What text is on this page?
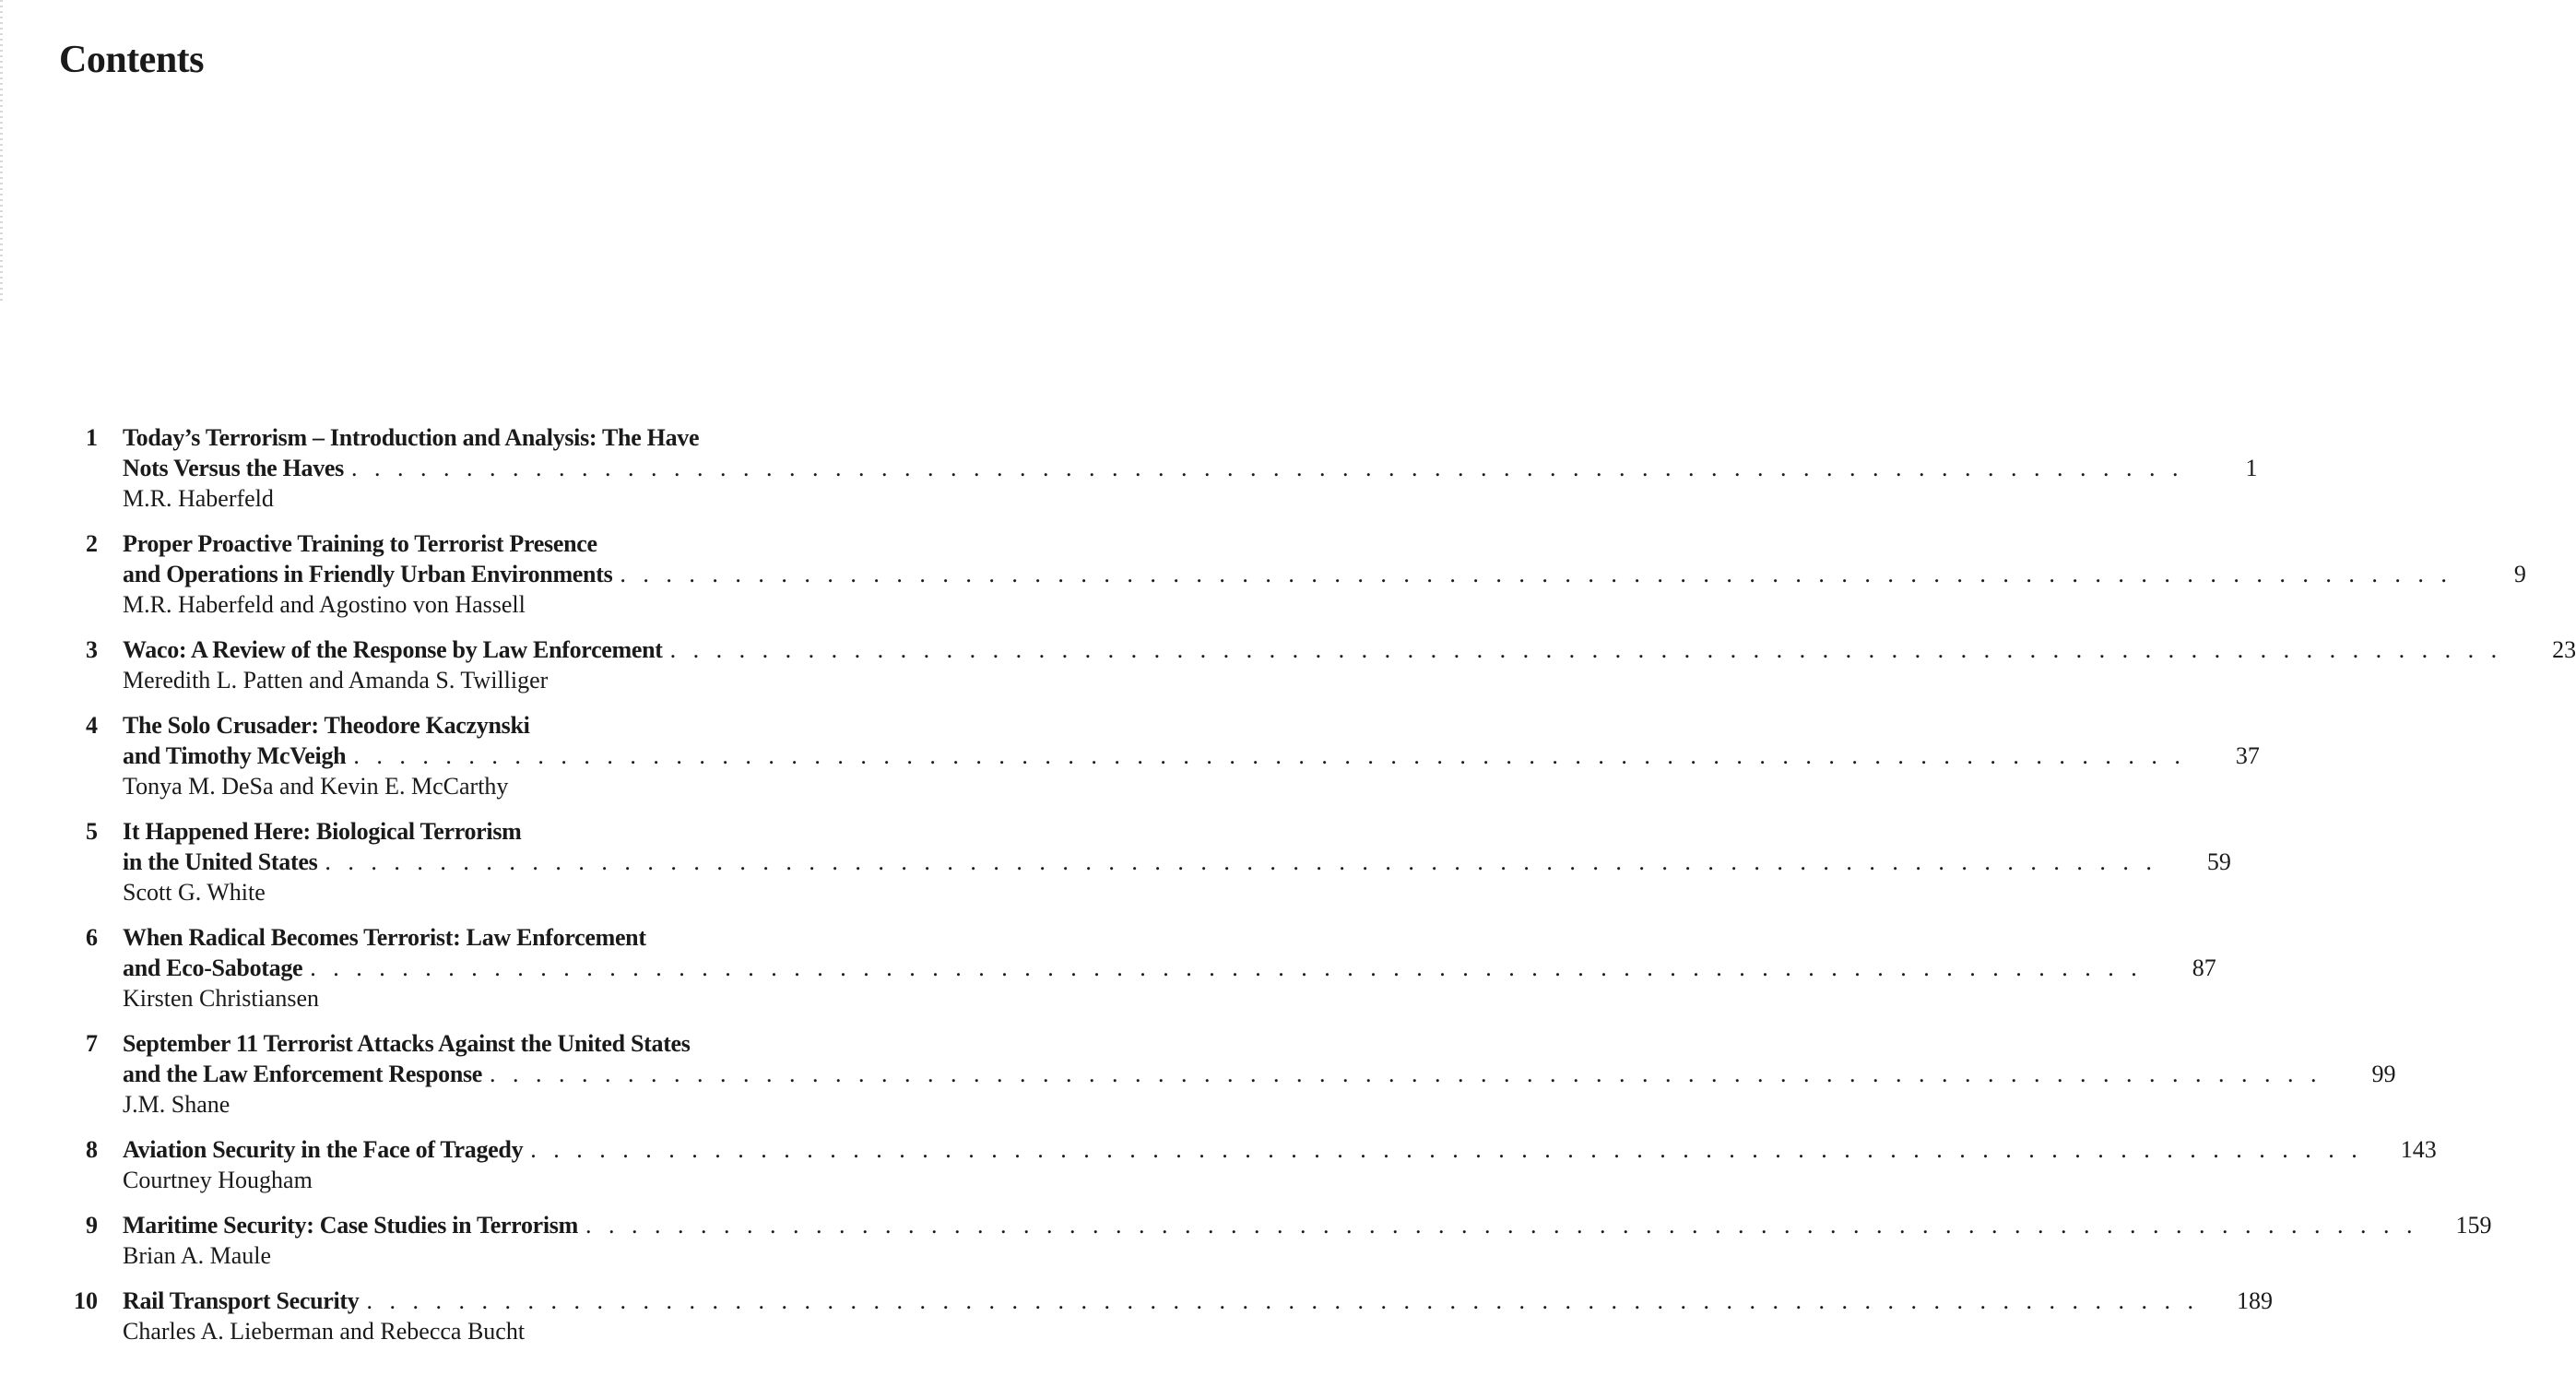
Contents
1 Today’s Terrorism – Introduction and Analysis: The Have
Nots Versus the Haves . . . . . . . . . . . . . . . . . . . . . . . . . . . . . . . . . . . . . . . . . . . . . . . . . . . . . . . . . . . . . . . . . . . . . . . . . . . . . . . .	1
M.R. Haberfeld
2 Proper Proactive Training to Terrorist Presence
and Operations in Friendly Urban Environments . . . . . . . . . . . . . . . . . . . . . . . . . . . . . . . . . . . . . . . . . . . . . . . . . . . . . . . . . . . . . . . . . . . . . . . . . . . . . . . .	9
M.R. Haberfeld and Agostino von Hassell
3 Waco: A Review of the Response by Law Enforcement . . . . . . . . . . . . . . . . . . . . . . . . . . . . . . . . . . . . . . . . . . . . . . . . . . . . . . . . . . . . . . . . . . . . . . . . . . . . . . . .	23
Meredith L. Patten and Amanda S. Twilliger
4 The Solo Crusader: Theodore Kaczynski
and Timothy McVeigh . . . . . . . . . . . . . . . . . . . . . . . . . . . . . . . . . . . . . . . . . . . . . . . . . . . . . . . . . . . . . . . . . . . . . . . . . . . . . . . .	37
Tonya M. DeSa and Kevin E. McCarthy
5 It Happened Here: Biological Terrorism
in the United States . . . . . . . . . . . . . . . . . . . . . . . . . . . . . . . . . . . . . . . . . . . . . . . . . . . . . . . . . . . . . . . . . . . . . . . . . . . . . . . .	59
Scott G. White
6 When Radical Becomes Terrorist: Law Enforcement
and Eco-Sabotage . . . . . . . . . . . . . . . . . . . . . . . . . . . . . . . . . . . . . . . . . . . . . . . . . . . . . . . . . . . . . . . . . . . . . . . . . . . . . . . .	87
Kirsten Christiansen
7 September 11 Terrorist Attacks Against the United States
and the Law Enforcement Response . . . . . . . . . . . . . . . . . . . . . . . . . . . . . . . . . . . . . . . . . . . . . . . . . . . . . . . . . . . . . . . . . . . . . . . . . . . . . . . .	99
J.M. Shane
8 Aviation Security in the Face of Tragedy . . . . . . . . . . . . . . . . . . . . . . . . . . . . . . . . . . . . . . . . . . . . . . . . . . . . . . . . . . . . . . . . . . . . . . . . . . . . . . . .	143
Courtney Hougham
9 Maritime Security: Case Studies in Terrorism . . . . . . . . . . . . . . . . . . . . . . . . . . . . . . . . . . . . . . . . . . . . . . . . . . . . . . . . . . . . . . . . . . . . . . . . . . . . . . . .	159
Brian A. Maule
10 Rail Transport Security . . . . . . . . . . . . . . . . . . . . . . . . . . . . . . . . . . . . . . . . . . . . . . . . . . . . . . . . . . . . . . . . . . . . . . . . . . . . . . . .	189
Charles A. Lieberman and Rebecca Bucht
